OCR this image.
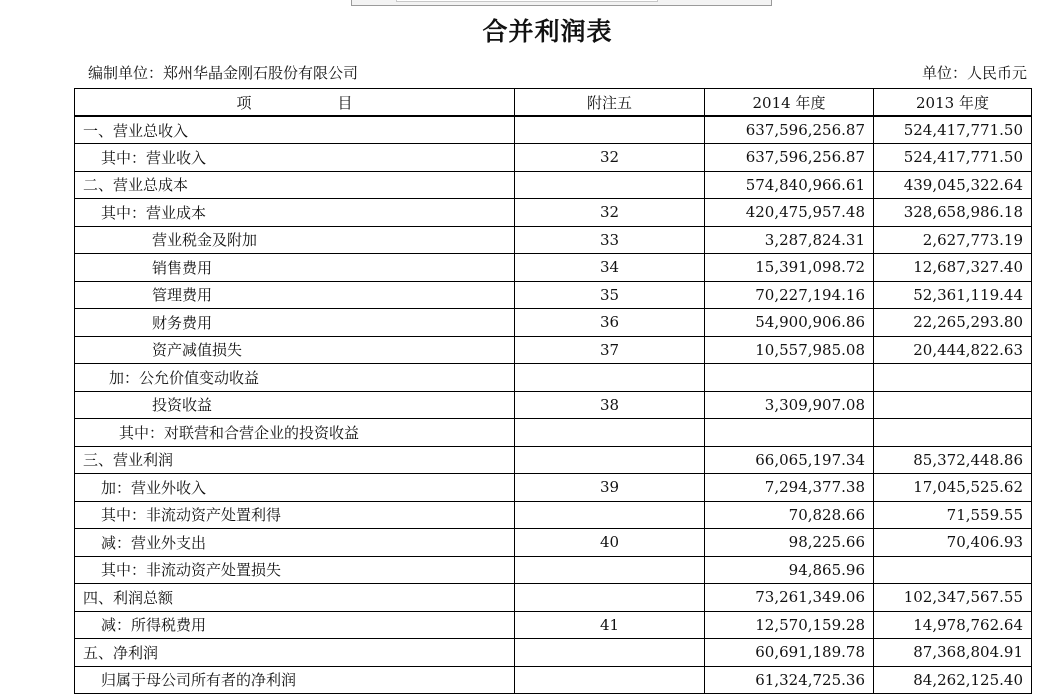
合并利润表
编制单位：郑州华晶金刚石股份有限公司	单位：人民币元
项 目	附注五	2014 年度	2013 年度
一、营业总收入		637,596,256.87	524,417,771.50
其中：营业收入	32	637,596,256.87	524,417,771.50
二、营业总成本		574,840,966.61	439,045,322.64
其中：营业成本	32	420,475,957.48	328,658,986.18
营业税金及附加	33	3,287,824.31	2,627,773.19
销售费用	34	15,391,098.72	12,687,327.40
管理费用	35	70,227,194.16	52,361,119.44
财务费用	36	54,900,906.86	22,265,293.80
资产减值损失	37	10,557,985.08	20,444,822.63
加：公允价值变动收益			
投资收益	38	3,309,907.08	
其中：对联营和合营企业的投资收益			
三、营业利润		66,065,197.34	85,372,448.86
加：营业外收入	39	7,294,377.38	17,045,525.62
其中：非流动资产处置利得		70,828.66	71,559.55
减：营业外支出	40	98,225.66	70,406.93
其中：非流动资产处置损失		94,865.96	
四、利润总额		73,261,349.06	102,347,567.55
减：所得税费用	41	12,570,159.28	14,978,762.64
五、净利润		60,691,189.78	87,368,804.91
归属于母公司所有者的净利润		61,324,725.36	84,262,125.40
